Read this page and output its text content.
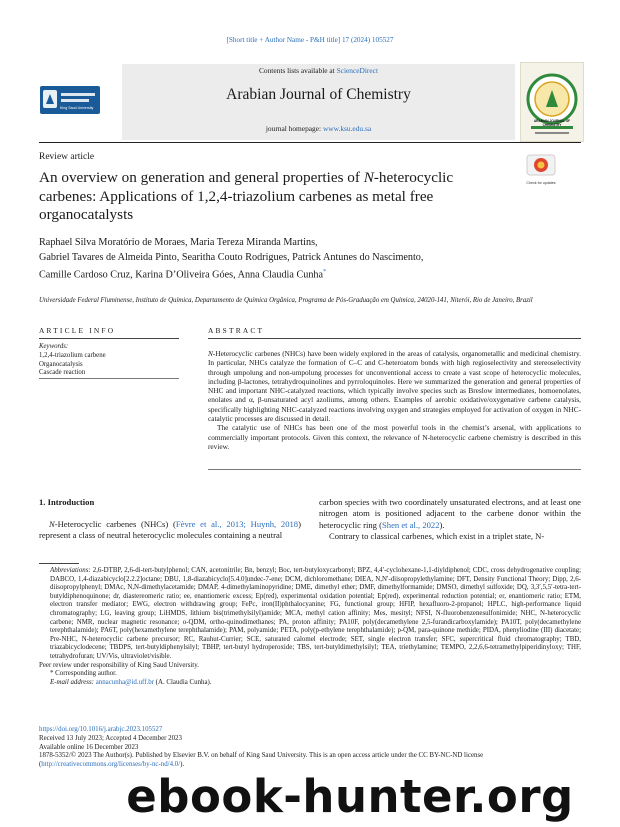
[Short title + Author Name - P&H title] 17 (2024) 105527
Contents lists available at ScienceDirect
Arabian Journal of Chemistry
journal homepage: www.ksu.edu.sa
King Saud University
ARABIAN JOURNAL OF CHEMISTRY
Review article
An overview on generation and general properties of N-heterocyclic carbenes: Applications of 1,2,4-triazolium carbenes as metal free organocatalysts
Check for updates
Raphael Silva Moratório de Moraes, Maria Tereza Miranda Martins,
Gabriel Tavares de Almeida Pinto, Searitha Couto Rodrigues, Patrick Antunes do Nascimento,
Camille Cardoso Cruz, Karina D’Oliveira Góes, Anna Claudia Cunha*
Universidade Federal Fluminense, Instituto de Química, Departamento de Química Orgânica, Programa de Pós-Graduação em Química, 24020-141, Niterói, Rio de Janeiro, Brazil
ARTICLE INFO
Keywords:
1,2,4-triazolium carbene
Organocatalysis
Cascade reaction
ABSTRACT

N-Heterocyclic carbenes (NHCs) have been widely explored in the areas of catalysis, organometallic and medicinal chemistry. In particular, NHCs catalyze the formation of C–C and C-heteroatom bonds with high regioselectivity and stereoselectivity through umpolung and non-umpolung processes for unconventional access to create a vast scope of heterocyclic molecules, including β-lactones, tetrahydroquinolines and pyrroloquinoles. Here we summarized the generation and general properties of NHC and important NHC-catalyzed reactions, which typically involve species such as Breslow intermediates, homoenolates, enolates and α, β-unsaturated acyl azoliums, among others. Examples of aerobic oxidative/oxygenative carbene catalysis, specifically highlighting NHC-catalyzed reactions involving oxygen and strategies employed for activation of oxygen in NHC-catalytic processes are discussed in detail.

The catalytic use of NHCs has been one of the most powerful tools in the chemist’s arsenal, with applications to commercially important protocols. Given this context, the relevance of N-heterocyclic carbene chemistry is described in this review.

1. Introduction
N-Heterocyclic carbenes (NHCs) (Fèvre et al., 2013; Huynh, 2018) represent a class of neutral heterocyclic molecules containing a neutral
carbon species with two coordinately unsaturated electrons, and at least one nitrogen atom is positioned adjacent to the carbene donor within the heterocyclic ring (Shen et al., 2022).
Contrary to classical carbenes, which exist in a triplet state, N-
Abbreviations: 2,6-DTBP, 2,6-di-tert-butylphenol; CAN, acetonitrile; Bn, benzyl; Boc, tert-butyloxycarbonyl; BPZ, 4,4′-cyclohexane-1,1-diyldiphenol; CDC, cross dehydrogenative coupling; DABCO, 1,4-diazabicyclo[2.2.2]octane; DBU, 1,8-diazabicyclo[5.4.0]undec-7-ene; DCM, dichloromethane; DIEA, N,N′-diisopropylethylamine; DFT, Density Functional Theory; Dipp, 2,6-diisopropylphenyl; DMAc, N,N-dimethylacetamide; DMAP, 4-dimethylaminopyridine; DME, dimethyl ether; DMF, dimethylformamide; DMSO, dimethyl sulfoxide; DQ, 3,3′,5,5′-tetra-tert-butyldiphenoquinone; dr, diastereomeric ratio; ee, enantiomeric excess; Ep(red), experimental oxidation potential; Ep(red), experimental reduction potential; er, enantiomeric ratio; ETM, electron transfer mediator; EWG, electron withdrawing group; FePc, iron(II)phthalocyanine; FG, functional group; HFIP, hexafluoro-2-propanol; HPLC, high-performance liquid chromatography; LG, leaving group; LiHMDS, lithium bis(trimethylsilyl)amide; MCA, methyl cation affinity; Mes, mesityl; NFSI, N-fluorobenzenesulfonimide; NHC, N-heterocyclic carbene; NMR, nuclear magnetic resonance; o-QDM, ortho-quinodimethanes; PA, proton affinity; PA10F, poly(decamethylene 2,5-furandicarboxylamide); PA10T, poly(decamethylene terephthalamide); PA6T, poly(hexamethylene terephthalamide); PAM, polyamide; PETA, poly(p-ethylene terephthalamide); p-QM, para-quinone methide; PIDA, phenyliodine (III) diacetate; Pre-NHC, N-heterocyclic carbene precursor; RC, Rauhut-Currier; SCE, saturated calomel electrode; SET, single electron transfer; SFC, supercritical fluid chromatography; TBD, triazabicyclodecene; TBDPS, tert-butyldiphenylsilyl; TBHP, tert-butyl hydroperoxide; TBS, tert-butyldimethylsilyl; TEA, triethylamine; TEMPO, 2,2,6,6-tetramethylpiperidinyloxy; THF, tetrahydrofuran; UV/Vis, ultraviolet/visible.
Peer review under responsibility of King Saud University.
* Corresponding author.
E-mail address: annacunha@id.uff.br (A. Claudia Cunha).
https://doi.org/10.1016/j.arabjc.2023.105527
Received 13 July 2023; Accepted 4 December 2023
Available online 16 December 2023
1878-5352/© 2023 The Author(s). Published by Elsevier B.V. on behalf of King Saud University. This is an open access article under the CC BY-NC-ND license (http://creativecommons.org/licenses/by-nc-nd/4.0/).
ebook-hunter.org
